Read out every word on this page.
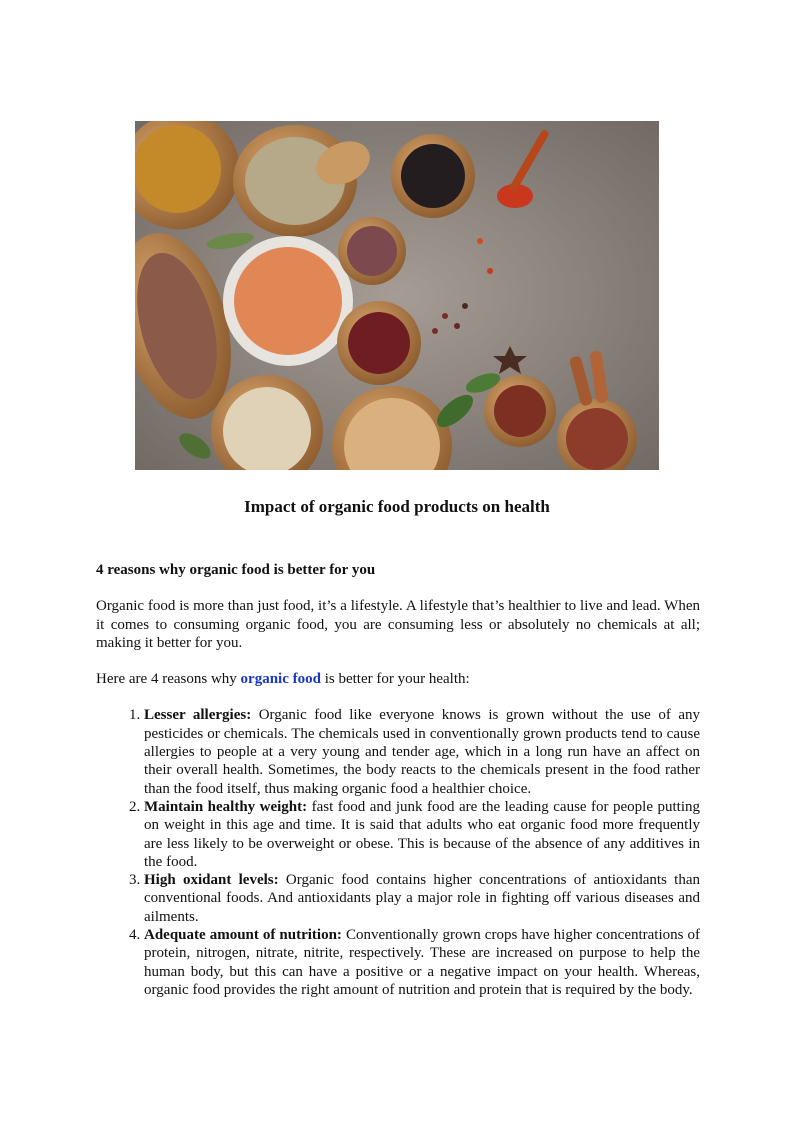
Impact of organic food products on health

4 reasons why organic food is better for you

Organic food is more than just food, it’s a lifestyle. A lifestyle that’s healthier to live and lead. When it comes to consuming organic food, you are consuming less or absolutely no chemicals at all; making it better for you.

Here are 4 reasons why organic food is better for your health:

1. Lesser allergies: Organic food like everyone knows is grown without the use of any pesticides or chemicals. The chemicals used in conventionally grown products tend to cause allergies to people at a very young and tender age, which in a long run have an affect on their overall health. Sometimes, the body reacts to the chemicals present in the food rather than the food itself, thus making organic food a healthier choice.
2. Maintain healthy weight: fast food and junk food are the leading cause for people putting on weight in this age and time. It is said that adults who eat organic food more frequently are less likely to be overweight or obese. This is because of the absence of any additives in the food.
3. High oxidant levels: Organic food contains higher concentrations of antioxidants than conventional foods. And antioxidants play a major role in fighting off various diseases and ailments.
4. Adequate amount of nutrition: Conventionally grown crops have higher concentrations of protein, nitrogen, nitrate, nitrite, respectively. These are increased on purpose to help the human body, but this can have a positive or a negative impact on your health. Whereas, organic food provides the right amount of nutrition and protein that is required by the body.
